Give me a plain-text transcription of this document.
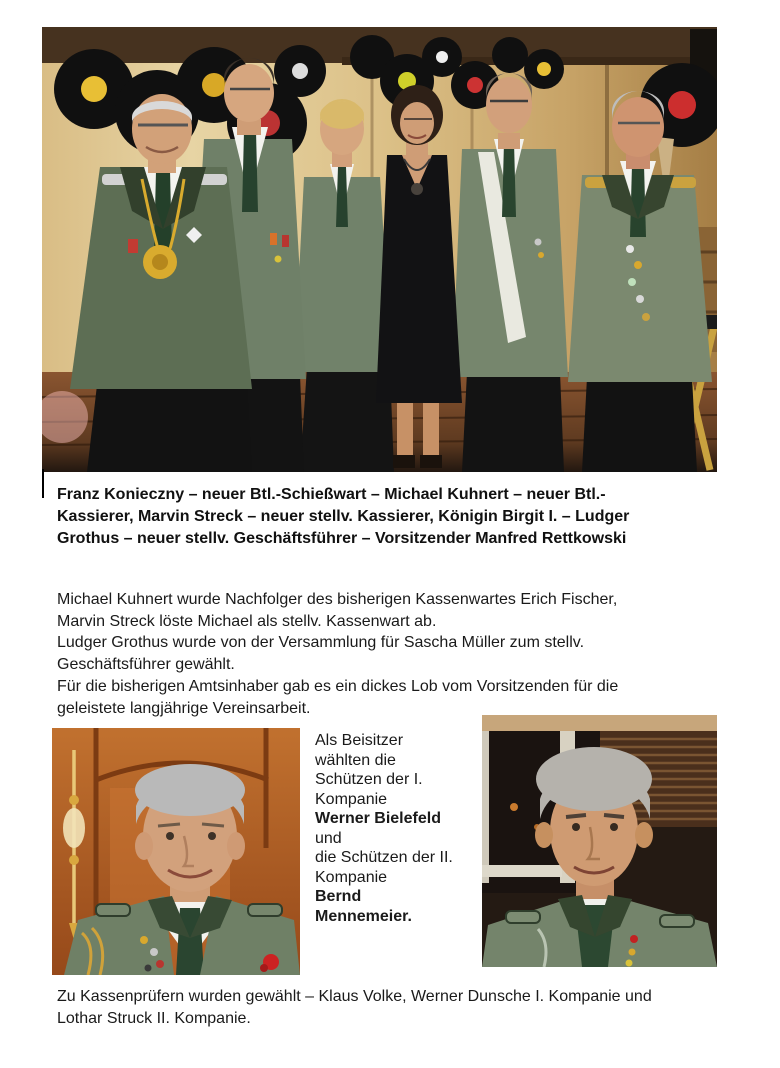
Franz Konieczny – neuer Btl.-Schießwart – Michael Kuhnert – neuer Btl.-
Kassierer, Marvin Streck – neuer stellv. Kassierer, Königin Birgit I. – Ludger
Grothus – neuer stellv. Geschäftsführer – Vorsitzender Manfred Rettkowski
Michael Kuhnert wurde Nachfolger des bisherigen Kassenwartes Erich Fischer,
Marvin Streck löste Michael als stellv. Kassenwart ab.
Ludger Grothus wurde von der Versammlung für Sascha Müller zum stellv.
Geschäftsführer gewählt.
Für die bisherigen Amtsinhaber gab es ein dickes Lob vom Vorsitzenden für die
geleistete langjährige Vereinsarbeit.
Als Beisitzer
wählten die
Schützen der I.
Kompanie
Werner Bielefeld
und
die Schützen der II.
Kompanie
Bernd
Mennemeier.
Zu Kassenprüfern wurden gewählt – Klaus Volke, Werner Dunsche I. Kompanie und
Lothar Struck II. Kompanie.
